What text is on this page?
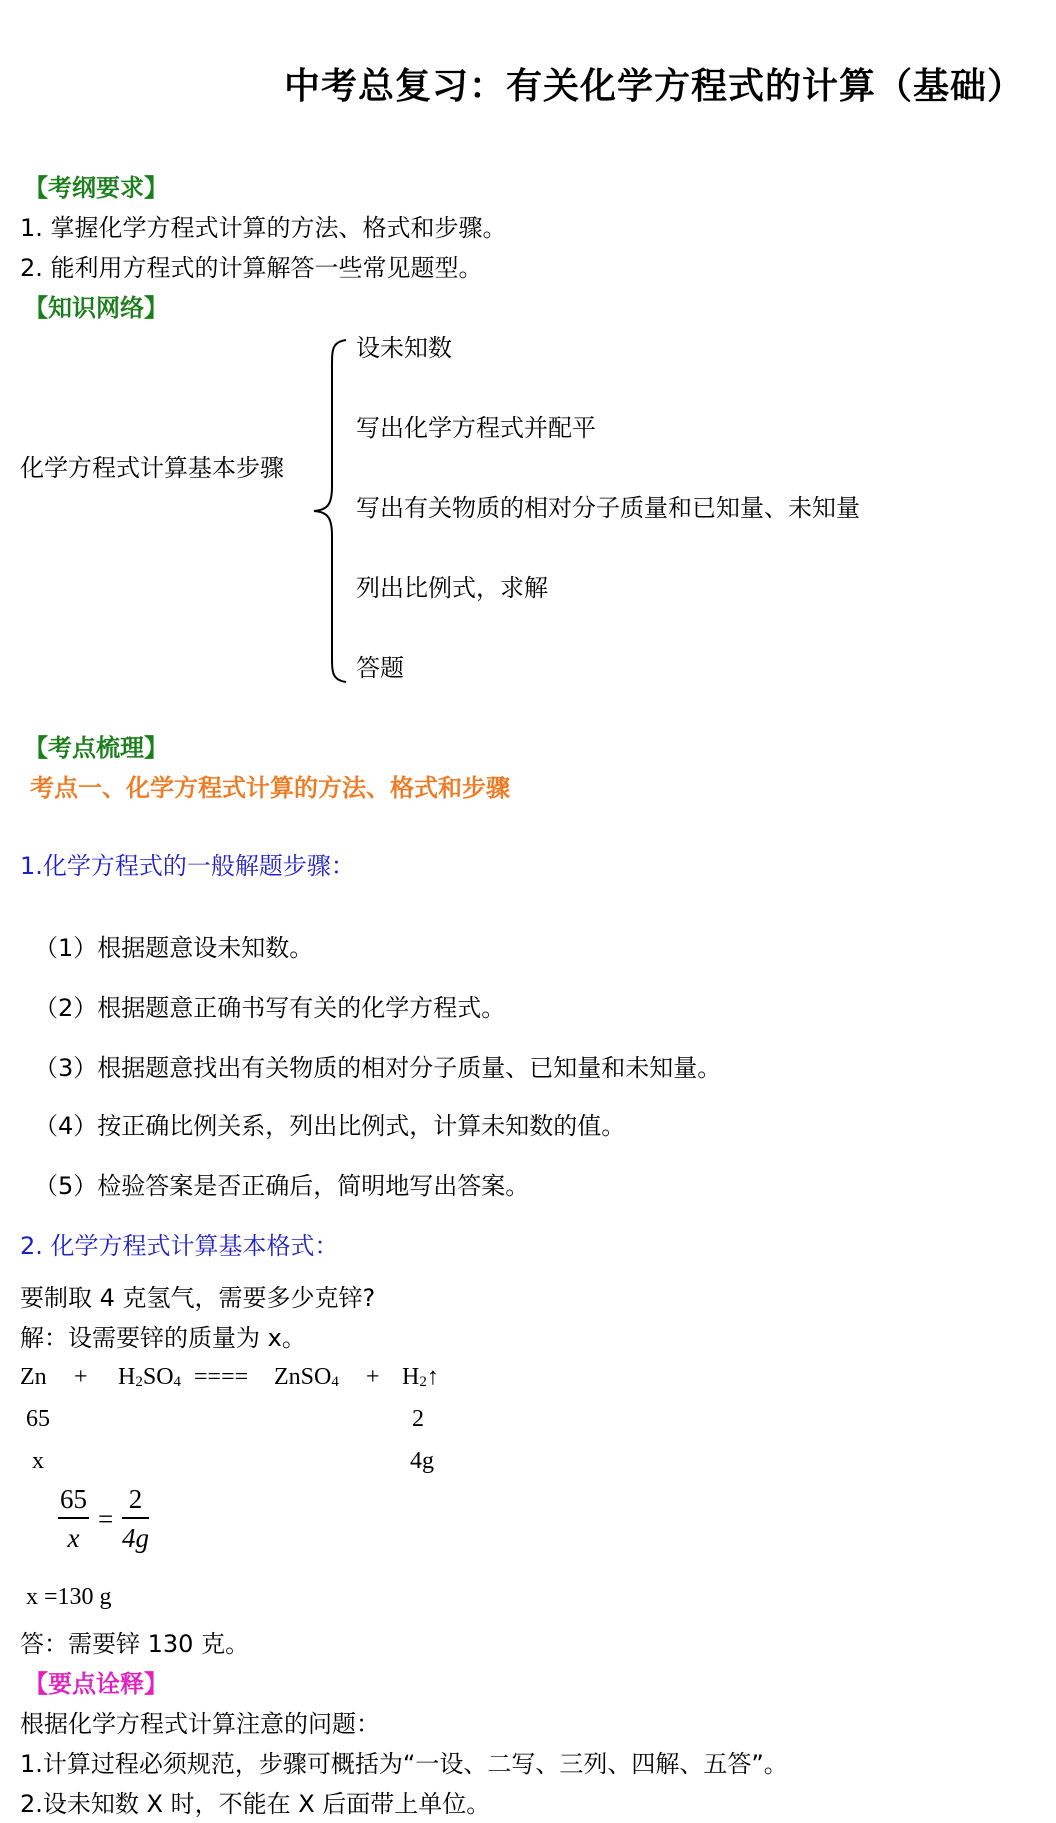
中考总复习：有关化学方程式的计算（基础）
【考纲要求】
1. 掌握化学方程式计算的方法、格式和步骤。
2. 能利用方程式的计算解答一些常见题型。
【知识网络】
化学方程式计算基本步骤
设未知数
写出化学方程式并配平
写出有关物质的相对分子质量和已知量、未知量
列出比例式，求解
答题
【考点梳理】
考点一、化学方程式计算的方法、格式和步骤
1.化学方程式的一般解题步骤：
（1）根据题意设未知数。
（2）根据题意正确书写有关的化学方程式。
（3）根据题意找出有关物质的相对分子质量、已知量和未知量。
（4）按正确比例关系，列出比例式，计算未知数的值。
（5）检验答案是否正确后，简明地写出答案。
2. 化学方程式计算基本格式：
要制取 4 克氢气，需要多少克锌?
解：设需要锌的质量为 x。
$Zn + H_2SO_4$ ==== ZnSO$_4$ + $H_2↑$
65	2
x	4g
65
x
=
2
4g
x =130 g
答：需要锌 130 克。
【要点诠释】
根据化学方程式计算注意的问题：
1.计算过程必须规范，步骤可概括为“一设、二写、三列、四解、五答”。
2.设未知数 X 时，不能在 X 后面带上单位。
